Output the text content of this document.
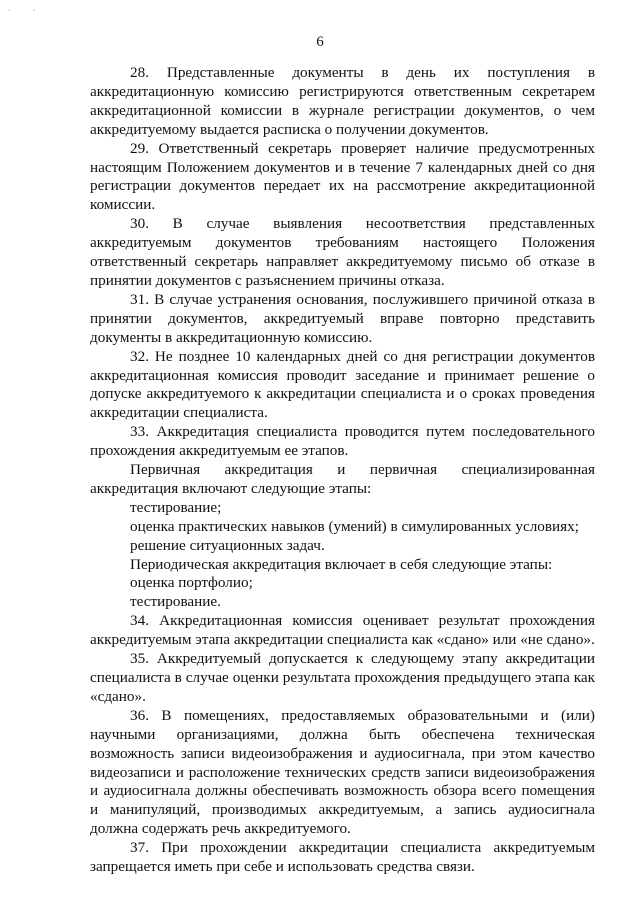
· ·
6

28. Представленные документы в день их поступления в аккредитационную комиссию регистрируются ответственным секретарем аккредитационной комиссии в журнале регистрации документов, о чем аккредитуемому выдается расписка о получении документов.

29. Ответственный секретарь проверяет наличие предусмотренных настоящим Положением документов и в течение 7 календарных дней со дня регистрации документов передает их на рассмотрение аккредитационной комиссии.

30. В случае выявления несоответствия представленных аккредитуемым документов требованиям настоящего Положения ответственный секретарь направляет аккредитуемому письмо об отказе в принятии документов с разъяснением причины отказа.

31. В случае устранения основания, послужившего причиной отказа в принятии документов, аккредитуемый вправе повторно представить документы в аккредитационную комиссию.

32. Не позднее 10 календарных дней со дня регистрации документов аккредитационная комиссия проводит заседание и принимает решение о допуске аккредитуемого к аккредитации специалиста и о сроках проведения аккредитации специалиста.

33. Аккредитация специалиста проводится путем последовательного прохождения аккредитуемым ее этапов.

Первичная аккредитация и первичная специализированная аккредитация включают следующие этапы:

тестирование;

оценка практических навыков (умений) в симулированных условиях;

решение ситуационных задач.

Периодическая аккредитация включает в себя следующие этапы:

оценка портфолио;

тестирование.

34. Аккредитационная комиссия оценивает результат прохождения аккредитуемым этапа аккредитации специалиста как «сдано» или «не сдано».

35. Аккредитуемый допускается к следующему этапу аккредитации специалиста в случае оценки результата прохождения предыдущего этапа как «сдано».

36. В помещениях, предоставляемых образовательными и (или) научными организациями, должна быть обеспечена техническая возможность записи видеоизображения и аудиосигнала, при этом качество видеозаписи и расположение технических средств записи видеоизображения и аудиосигнала должны обеспечивать возможность обзора всего помещения и манипуляций, производимых аккредитуемым, а запись аудиосигнала должна содержать речь аккредитуемого.

37. При прохождении аккредитации специалиста аккредитуемым запрещается иметь при себе и использовать средства связи.
